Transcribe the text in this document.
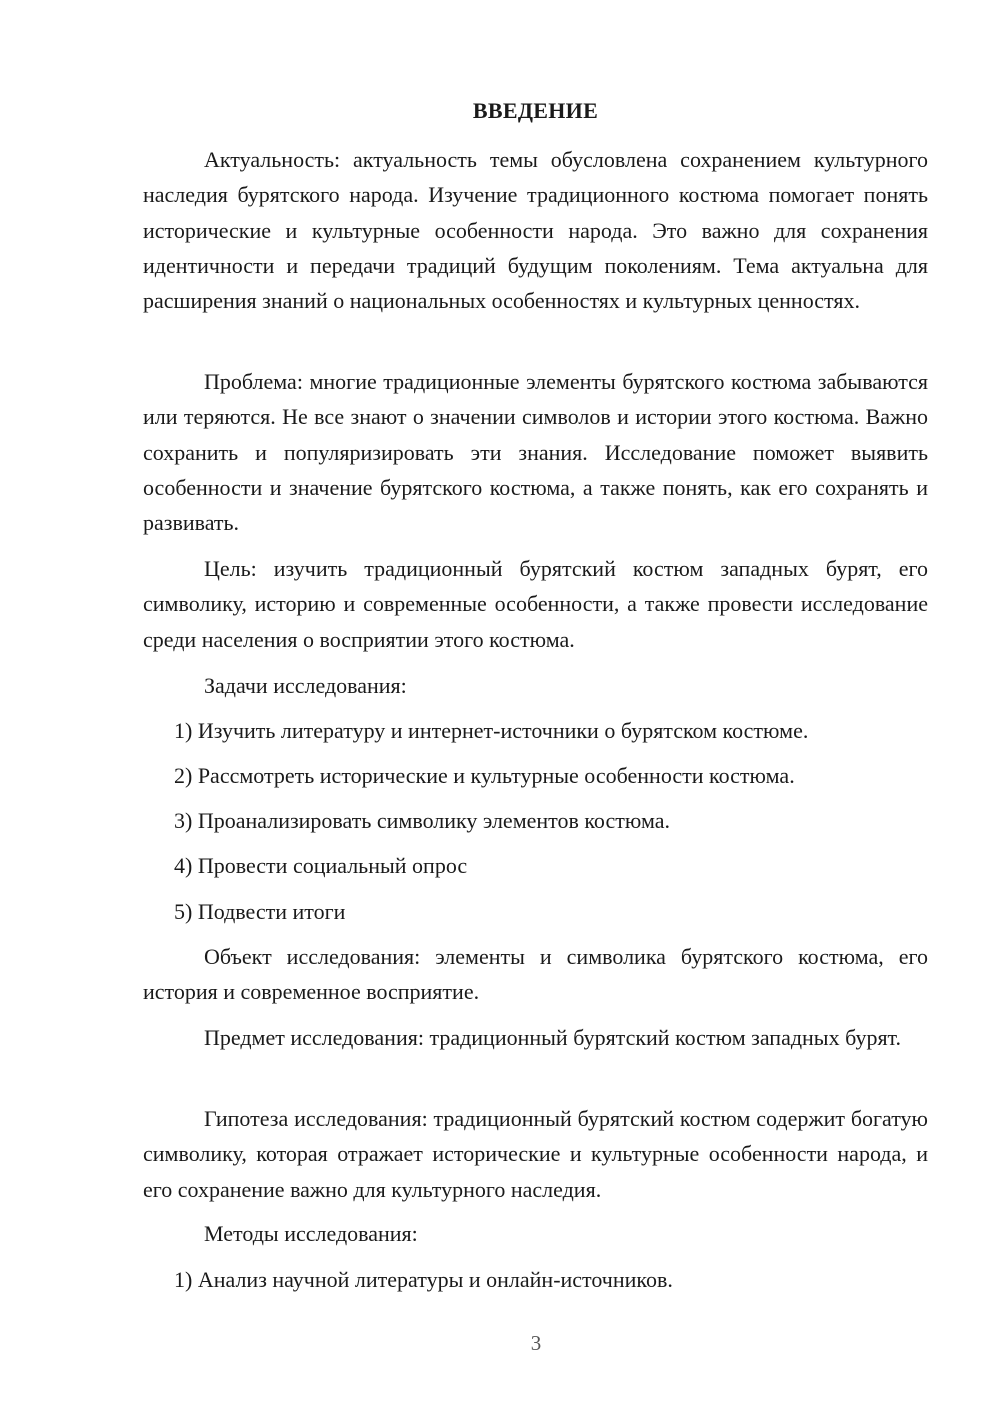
ВВЕДЕНИЕ

Актуальность: актуальность темы обусловлена сохранением культурного наследия бурятского народа. Изучение традиционного костюма помогает понять исторические и культурные особенности народа. Это важно для сохранения идентичности и передачи традиций будущим поколениям. Тема актуальна для расширения знаний о национальных особенностях и культурных ценностях.

Проблема: многие традиционные элементы бурятского костюма забываются или теряются. Не все знают о значении символов и истории этого костюма. Важно сохранить и популяризировать эти знания. Исследование поможет выявить особенности и значение бурятского костюма, а также понять, как его сохранять и развивать.

Цель: изучить традиционный бурятский костюм западных бурят, его символику, историю и современные особенности, а также провести исследование среди населения о восприятии этого костюма.

Задачи исследования:

1) Изучить литературу и интернет-источники о бурятском костюме.

2) Рассмотреть исторические и культурные особенности костюма.

3) Проанализировать символику элементов костюма.

4) Провести социальный опрос

5) Подвести итоги

Объект исследования: элементы и символика бурятского костюма, его история и современное восприятие.

Предмет исследования: традиционный бурятский костюм западных бурят.

Гипотеза исследования: традиционный бурятский костюм содержит богатую символику, которая отражает исторические и культурные особенности народа, и его сохранение важно для культурного наследия.

Методы исследования:

1) Анализ научной литературы и онлайн-источников.

3
